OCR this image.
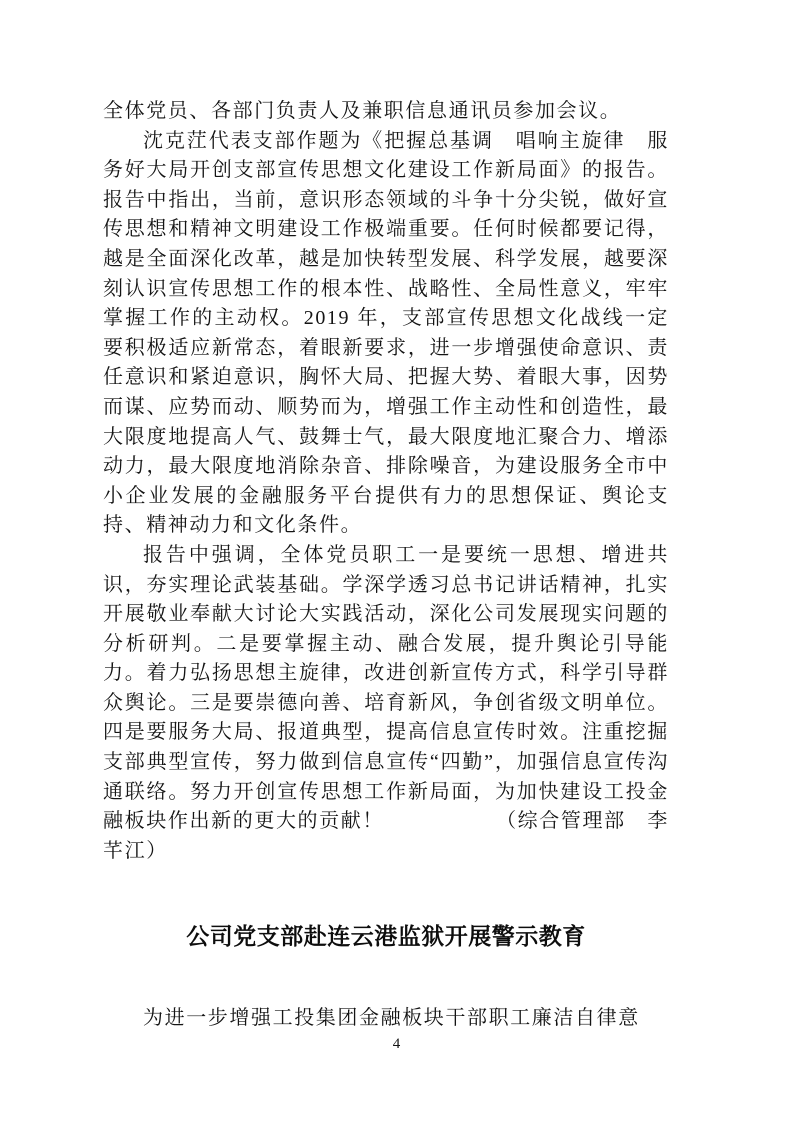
全体党员、各部门负责人及兼职信息通讯员参加会议。

沈克茳代表支部作题为《把握总基调　唱响主旋律　服务好大局开创支部宣传思想文化建设工作新局面》的报告。报告中指出，当前，意识形态领域的斗争十分尖锐，做好宣传思想和精神文明建设工作极端重要。任何时候都要记得，越是全面深化改革，越是加快转型发展、科学发展，越要深刻认识宣传思想工作的根本性、战略性、全局性意义，牢牢掌握工作的主动权。2019 年，支部宣传思想文化战线一定要积极适应新常态，着眼新要求，进一步增强使命意识、责任意识和紧迫意识，胸怀大局、把握大势、着眼大事，因势而谋、应势而动、顺势而为，增强工作主动性和创造性，最大限度地提高人气、鼓舞士气，最大限度地汇聚合力、增添动力，最大限度地消除杂音、排除噪音，为建设服务全市中小企业发展的金融服务平台提供有力的思想保证、舆论支持、精神动力和文化条件。

报告中强调，全体党员职工一是要统一思想、增进共识，夯实理论武装基础。学深学透习总书记讲话精神，扎实开展敬业奉献大讨论大实践活动，深化公司发展现实问题的分析研判。二是要掌握主动、融合发展，提升舆论引导能力。着力弘扬思想主旋律，改进创新宣传方式，科学引导群众舆论。三是要崇德向善、培育新风，争创省级文明单位。四是要服务大局、报道典型，提高信息宣传时效。注重挖掘支部典型宣传，努力做到信息宣传“四勤”，加强信息宣传沟通联络。努力开创宣传思想工作新局面，为加快建设工投金融板块作出新的更大的贡献！	（综合管理部　李芊江）

公司党支部赴连云港监狱开展警示教育

为进一步增强工投集团金融板块干部职工廉洁自律意

4
